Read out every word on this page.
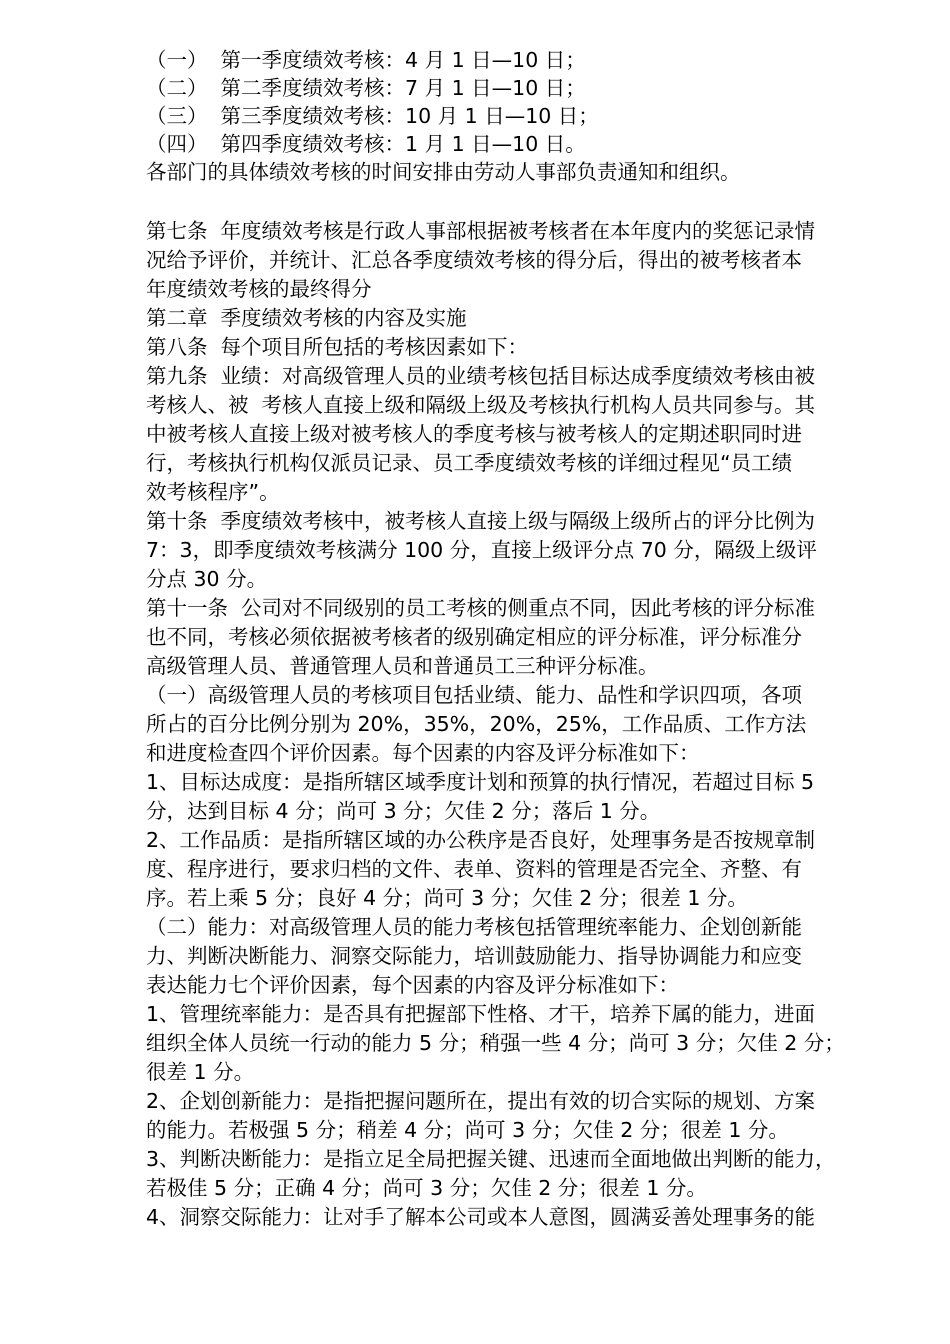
（一）  第一季度绩效考核：4 月 1 日—10 日；
（二）  第二季度绩效考核：7 月 1 日—10 日；
（三）  第三季度绩效考核：10 月 1 日—10 日；
（四）  第四季度绩效考核：1 月 1 日—10 日。
各部门的具体绩效考核的时间安排由劳动人事部负责通知和组织。
第七条  年度绩效考核是行政人事部根据被考核者在本年度内的奖惩记录情
况给予评价，并统计、汇总各季度绩效考核的得分后，得出的被考核者本
年度绩效考核的最终得分
第二章  季度绩效考核的内容及实施
第八条  每个项目所包括的考核因素如下：
第九条  业绩：对高级管理人员的业绩考核包括目标达成季度绩效考核由被
考核人、被  考核人直接上级和隔级上级及考核执行机构人员共同参与。其
中被考核人直接上级对被考核人的季度考核与被考核人的定期述职同时进
行，考核执行机构仅派员记录、员工季度绩效考核的详细过程见“员工绩
效考核程序”。
第十条  季度绩效考核中，被考核人直接上级与隔级上级所占的评分比例为
7：3，即季度绩效考核满分 100 分，直接上级评分点 70 分，隔级上级评
分点 30 分。
第十一条  公司对不同级别的员工考核的侧重点不同，因此考核的评分标准
也不同，考核必须依据被考核者的级别确定相应的评分标准，评分标准分
高级管理人员、普通管理人员和普通员工三种评分标准。
（一）高级管理人员的考核项目包括业绩、能力、品性和学识四项，各项
所占的百分比例分别为 20%，35%，20%，25%，工作品质、工作方法
和进度检查四个评价因素。每个因素的内容及评分标准如下：
1、目标达成度：是指所辖区域季度计划和预算的执行情况，若超过目标 5
分，达到目标 4 分；尚可 3 分；欠佳 2 分；落后 1 分。
2、工作品质：是指所辖区域的办公秩序是否良好，处理事务是否按规章制
度、程序进行，要求归档的文件、表单、资料的管理是否完全、齐整、有
序。若上乘 5 分；良好 4 分；尚可 3 分；欠佳 2 分；很差 1 分。
（二）能力：对高级管理人员的能力考核包括管理统率能力、企划创新能
力、判断决断能力、洞察交际能力，培训鼓励能力、指导协调能力和应变
表达能力七个评价因素，每个因素的内容及评分标准如下：
1、管理统率能力：是否具有把握部下性格、才干，培养下属的能力，进面
组织全体人员统一行动的能力 5 分；稍强一些 4 分；尚可 3 分；欠佳 2 分；
很差 1 分。
2、企划创新能力：是指把握问题所在，提出有效的切合实际的规划、方案
的能力。若极强 5 分；稍差 4 分；尚可 3 分；欠佳 2 分；很差 1 分。
3、判断决断能力：是指立足全局把握关键、迅速而全面地做出判断的能力，
若极佳 5 分；正确 4 分；尚可 3 分；欠佳 2 分；很差 1 分。
4、洞察交际能力：让对手了解本公司或本人意图，圆满妥善处理事务的能
